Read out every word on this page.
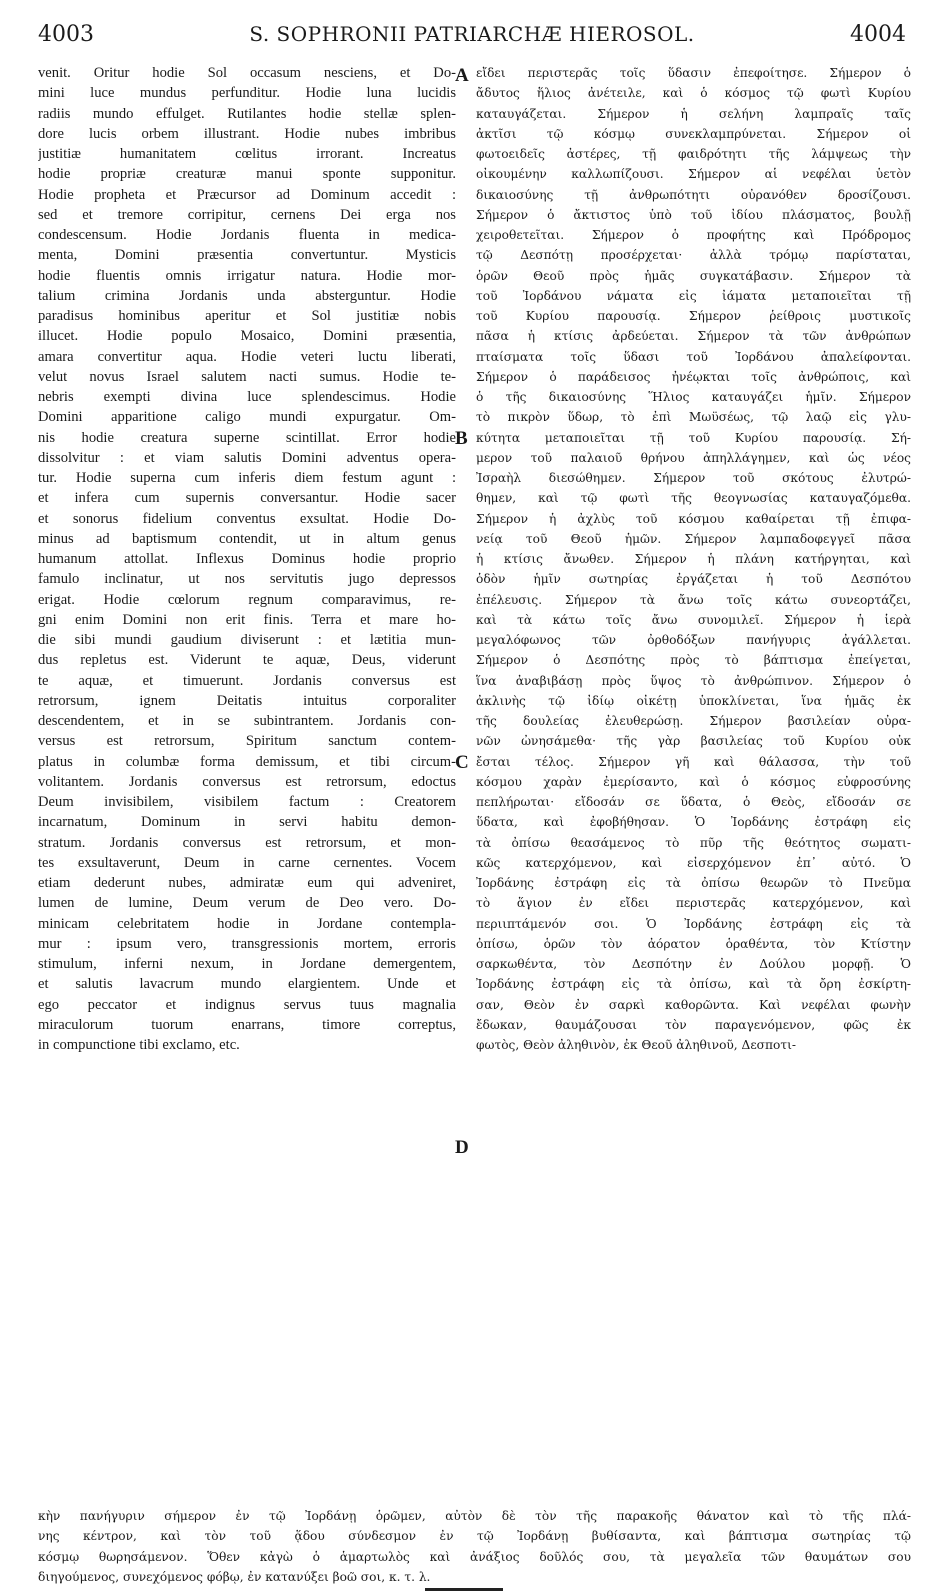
4003	S. SOPHRONII PATRIARCHÆ HIEROSOL.	4004
venit. Oritur hodie Sol occasum nesciens, et Do-
mini luce mundus perfunditur. Hodie luna lucidis
radiis mundo effulget. Rutilantes hodie stellæ splen-
dore lucis orbem illustrant. Hodie nubes imbribus
justitiæ humanitatem cœlitus irrorant. Increatus
hodie propriæ creaturæ manui sponte supponitur.
Hodie propheta et Præcursor ad Dominum accedit :
sed et tremore corripitur, cernens Dei erga nos
condescensum. Hodie Jordanis fluenta in medica-
menta, Domini præsentia convertuntur. Mysticis
hodie fluentis omnis irrigatur natura. Hodie mor-
talium crimina Jordanis unda absterguntur. Hodie
paradisus hominibus aperitur et Sol justitiæ nobis
illucet. Hodie populo Mosaico, Domini præsentia,
amara convertitur aqua. Hodie veteri luctu liberati,
velut novus Israel salutem nacti sumus. Hodie te-
nebris exempti divina luce splendescimus. Hodie
Domini apparitione caligo mundi expurgatur. Om-
nis hodie creatura superne scintillat. Error hodie
dissolvitur : et viam salutis Domini adventus opera-
tur. Hodie superna cum inferis diem festum agunt :
et infera cum supernis conversantur. Hodie sacer
et sonorus fidelium conventus exsultat. Hodie Do-
minus ad baptismum contendit, ut in altum genus
humanum attollat. Inflexus Dominus hodie proprio
famulo inclinatur, ut nos servitutis jugo depressos
erigat. Hodie cœlorum regnum comparavimus, re-
gni enim Domini non erit finis. Terra et mare ho-
die sibi mundi gaudium diviserunt : et lætitia mun-
dus repletus est. Viderunt te aquæ, Deus, viderunt
te aquæ, et timuerunt. Jordanis conversus est
retrorsum, ignem Deitatis intuitus corporaliter
descendentem, et in se subintrantem. Jordanis con-
versus est retrorsum, Spiritum sanctum contem-
platus in columbæ forma demissum, et tibi circum-
volitantem. Jordanis conversus est retrorsum, edoctus
Deum invisibilem, visibilem factum : Creatorem
incarnatum, Dominum in servi habitu demon-
stratum. Jordanis conversus est retrorsum, et mon-
tes exsultaverunt, Deum in carne cernentes. Vocem
etiam dederunt nubes, admiratæ eum qui adveniret,
lumen de lumine, Deum verum de Deo vero. Do-
minicam celebritatem hodie in Jordane contempla-
mur : ipsum vero, transgressionis mortem, erroris
stimulum, inferni nexum, in Jordane demergentem,
et salutis lavacrum mundo elargientem. Unde et
ego peccator et indignus servus tuus magnalia
miraculorum tuorum enarrans, timore correptus,
in compunctione tibi exclamo, etc.
εἴδει περιστερᾶς τοῖς ὕδασιν ἐπεφοίτησε. Σήμερον ὁ
ἄδυτος ἥλιος ἀνέτειλε, καὶ ὁ κόσμος τῷ φωτὶ Κυρίου
καταυγάζεται. Σήμερον ἡ σελήνη λαμπραῖς ταῖς
ἀκτῖσι τῷ κόσμῳ συνεκλαμπρύνεται. Σήμερον οἱ
φωτοειδεῖς ἀστέρες, τῇ φαιδρότητι τῆς λάμψεως τὴν
οἰκουμένην καλλωπίζουσι. Σήμερον αἱ νεφέλαι ὑετὸν
δικαιοσύνης τῇ ἀνθρωπότητι οὐρανόθεν δροσίζουσι.
Σήμερον ὁ ἄκτιστος ὑπὸ τοῦ ἰδίου πλάσματος, βουλῇ
χειροθετεῖται. Σήμερον ὁ προφήτης καὶ Πρόδρομος
τῷ Δεσπότῃ προσέρχεται· ἀλλὰ τρόμῳ παρίσταται,
ὁρῶν Θεοῦ πρὸς ἡμᾶς συγκατάβασιν. Σήμερον τὰ
τοῦ Ἰορδάνου νάματα εἰς ἰάματα μεταποιεῖται τῇ
τοῦ Κυρίου παρουσίᾳ. Σήμερον ῥείθροις μυστικοῖς
πᾶσα ἡ κτίσις ἀρδεύεται. Σήμερον τὰ τῶν ἀνθρώπων
πταίσματα τοῖς ὕδασι τοῦ Ἰορδάνου ἀπαλείφονται.
Σήμερον ὁ παράδεισος ἠνέῳκται τοῖς ἀνθρώποις, καὶ
ὁ τῆς δικαιοσύνης Ἥλιος καταυγάζει ἡμῖν. Σήμερον
τὸ πικρὸν ὕδωρ, τὸ ἐπὶ Μωϋσέως, τῷ λαῷ εἰς γλυ-
κύτητα μεταποιεῖται τῇ τοῦ Κυρίου παρουσίᾳ. Σή-
μερον τοῦ παλαιοῦ θρήνου ἀπηλλάγημεν, καὶ ὡς νέος
Ἰσραὴλ διεσώθημεν. Σήμερον τοῦ σκότους ἐλυτρώ-
θημεν, καὶ τῷ φωτὶ τῆς θεογνωσίας καταυγαζόμεθα.
Σήμερον ἡ ἀχλὺς τοῦ κόσμου καθαίρεται τῇ ἐπιφα-
νείᾳ τοῦ Θεοῦ ἡμῶν. Σήμερον λαμπαδοφεγγεῖ πᾶσα
ἡ κτίσις ἄνωθεν. Σήμερον ἡ πλάνη κατήργηται, καὶ
ὁδὸν ἡμῖν σωτηρίας ἐργάζεται ἡ τοῦ Δεσπότου
ἐπέλευσις. Σήμερον τὰ ἄνω τοῖς κάτω συνεορτάζει,
καὶ τὰ κάτω τοῖς ἄνω συνομιλεῖ. Σήμερον ἡ ἱερὰ
μεγαλόφωνος τῶν ὀρθοδόξων πανήγυρις ἀγάλλεται.
Σήμερον ὁ Δεσπότης πρὸς τὸ βάπτισμα ἐπείγεται,
ἵνα ἀναβιβάσῃ πρὸς ὕψος τὸ ἀνθρώπινον. Σήμερον ὁ
ἀκλινὴς τῷ ἰδίῳ οἰκέτῃ ὑποκλίνεται, ἵνα ἡμᾶς ἐκ
τῆς δουλείας ἐλευθερώσῃ. Σήμερον βασιλείαν οὐρα-
νῶν ὠνησάμεθα· τῆς γὰρ βασιλείας τοῦ Κυρίου οὐκ
ἔσται τέλος. Σήμερον γῆ καὶ θάλασσα, τὴν τοῦ
κόσμου χαρὰν ἐμερίσαντο, καὶ ὁ κόσμος εὐφροσύνης
πεπλήρωται· εἴδοσάν σε ὕδατα, ὁ Θεὸς, εἴδοσάν σε
ὕδατα, καὶ ἐφοβήθησαν. Ὁ Ἰορδάνης ἐστράφη εἰς
τὰ ὀπίσω θεασάμενος τὸ πῦρ τῆς θεότητος σωματι-
κῶς κατερχόμενον, καὶ εἰσερχόμενον ἐπ᾽ αὐτό. Ὁ
Ἰορδάνης ἐστράφη εἰς τὰ ὀπίσω θεωρῶν τὸ Πνεῦμα
τὸ ἅγιον ἐν εἴδει περιστερᾶς κατερχόμενον, καὶ
περιιπτάμενόν σοι. Ὁ Ἰορδάνης ἐστράφη εἰς τὰ
ὀπίσω, ὁρῶν τὸν ἀόρατον ὁραθέντα, τὸν Κτίστην
σαρκωθέντα, τὸν Δεσπότην ἐν Δούλου μορφῇ. Ὁ
Ἰορδάνης ἐστράφη εἰς τὰ ὀπίσω, καὶ τὰ ὄρη ἐσκίρτη-
σαν, Θεὸν ἐν σαρκὶ καθορῶντα. Καὶ νεφέλαι φωνὴν
ἔδωκαν, θαυμάζουσαι τὸν παραγενόμενον, φῶς ἐκ
φωτὸς, Θεὸν ἀληθινὸν, ἐκ Θεοῦ ἀληθινοῦ, Δεσποτι-
A
B
C
D
κὴν πανήγυριν σήμερον ἐν τῷ Ἰορδάνῃ ὁρῶμεν, αὐτὸν δὲ τὸν τῆς παρακοῆς θάνατον καὶ τὸ τῆς πλά-
νης κέντρον, καὶ τὸν τοῦ ᾅδου σύνδεσμον ἐν τῷ Ἰορδάνῃ βυθίσαντα, καὶ βάπτισμα σωτηρίας τῷ
κόσμῳ θωρησάμενον. Ὅθεν κἀγὼ ὁ ἁμαρτωλὸς καὶ ἀνάξιος δοῦλός σου, τὰ μεγαλεῖα τῶν θαυμάτων σου
διηγούμενος, συνεχόμενος φόβῳ, ἐν κατανύξει βοῶ σοι, κ. τ. λ.
